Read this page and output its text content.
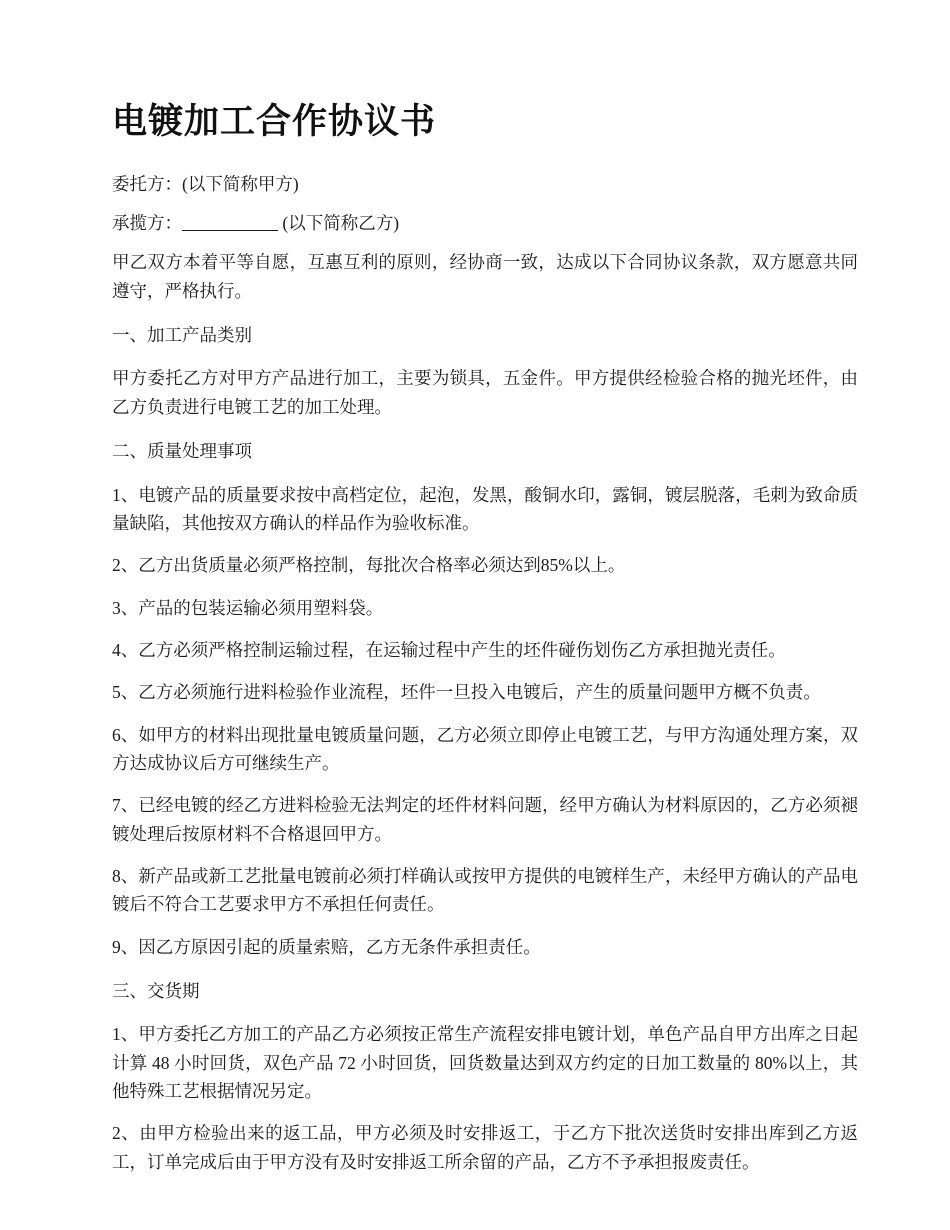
电镀加工合作协议书

委托方：(以下简称甲方)

承揽方：	(以下简称乙方)

甲乙双方本着平等自愿，互惠互利的原则，经协商一致，达成以下合同协议条款，双方愿意共同遵守，严格执行。

一、加工产品类别

甲方委托乙方对甲方产品进行加工，主要为锁具，五金件。甲方提供经检验合格的抛光坯件，由乙方负责进行电镀工艺的加工处理。

二、质量处理事项

1、电镀产品的质量要求按中高档定位，起泡，发黑，酸铜水印，露铜，镀层脱落，毛刺为致命质量缺陷，其他按双方确认的样品作为验收标准。

2、乙方出货质量必须严格控制，每批次合格率必须达到85%以上。

3、产品的包装运输必须用塑料袋。

4、乙方必须严格控制运输过程，在运输过程中产生的坯件碰伤划伤乙方承担抛光责任。

5、乙方必须施行进料检验作业流程，坯件一旦投入电镀后，产生的质量问题甲方概不负责。

6、如甲方的材料出现批量电镀质量问题，乙方必须立即停止电镀工艺，与甲方沟通处理方案，双方达成协议后方可继续生产。

7、已经电镀的经乙方进料检验无法判定的坯件材料问题，经甲方确认为材料原因的，乙方必须褪镀处理后按原材料不合格退回甲方。

8、新产品或新工艺批量电镀前必须打样确认或按甲方提供的电镀样生产，未经甲方确认的产品电镀后不符合工艺要求甲方不承担任何责任。

9、因乙方原因引起的质量索赔，乙方无条件承担责任。

三、交货期

1、甲方委托乙方加工的产品乙方必须按正常生产流程安排电镀计划，单色产品自甲方出库之日起计算 48 小时回货，双色产品 72 小时回货，回货数量达到双方约定的日加工数量的 80%以上，其他特殊工艺根据情况另定。

2、由甲方检验出来的返工品，甲方必须及时安排返工，于乙方下批次送货时安排出库到乙方返工，订单完成后由于甲方没有及时安排返工所余留的产品，乙方不予承担报废责任。
